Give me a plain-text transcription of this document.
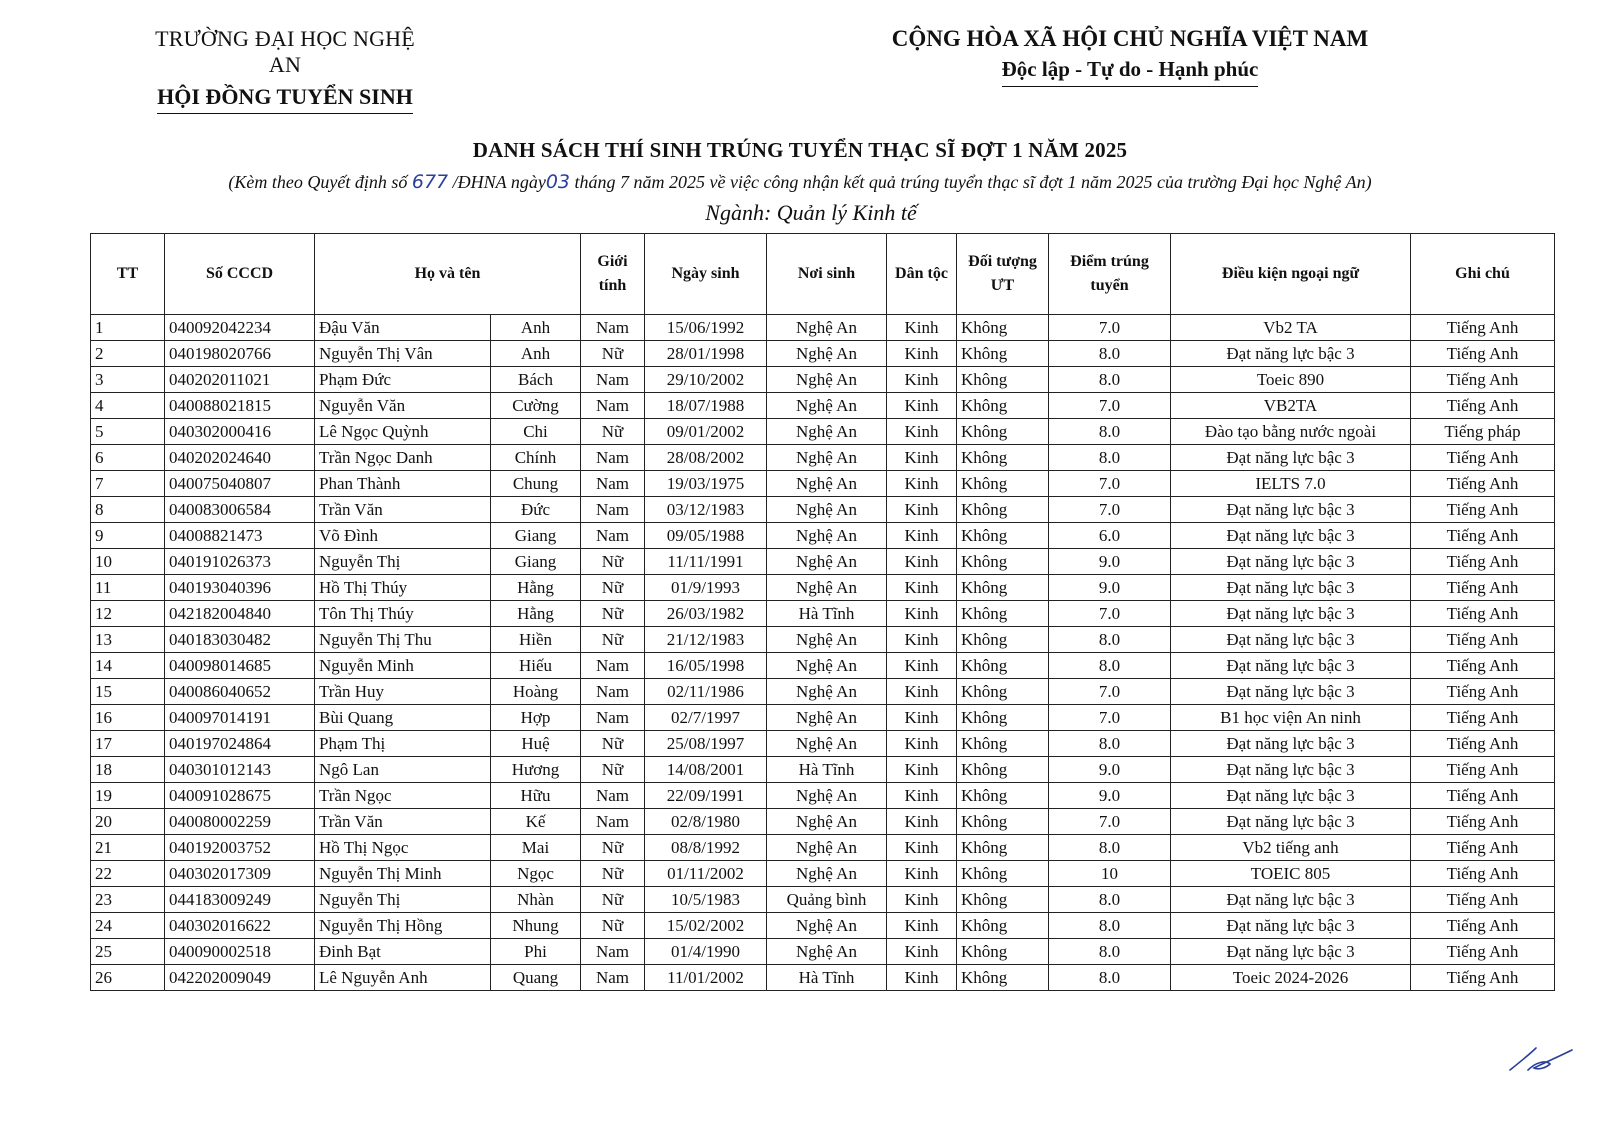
TRƯỜNG ĐẠI HỌC NGHỆ AN
HỘI ĐỒNG TUYỂN SINH
CỘNG HÒA XÃ HỘI CHỦ NGHĨA VIỆT NAM
Độc lập - Tự do - Hạnh phúc
DANH SÁCH THÍ SINH TRÚNG TUYỂN THẠC SĨ ĐỢT 1 NĂM 2025
(Kèm theo Quyết định số 677 /ĐHNA ngày03 tháng 7 năm 2025 về việc công nhận kết quả trúng tuyển thạc sĩ đợt 1 năm 2025 của trường Đại học Nghệ An)
Ngành: Quản lý Kinh tế
TT	Số CCCD	Họ và tên		Giới tính	Ngày sinh	Nơi sinh	Dân tộc	Đối tượng ƯT	Điểm trúng tuyển	Điều kiện ngoại ngữ	Ghi chú
1	040092042234	Đậu Văn	Anh	Nam	15/06/1992	Nghệ An	Kinh	Không	7.0	Vb2 TA	Tiếng Anh
2	040198020766	Nguyễn Thị Vân	Anh	Nữ	28/01/1998	Nghệ An	Kinh	Không	8.0	Đạt năng lực bậc 3	Tiếng Anh
3	040202011021	Phạm Đức	Bách	Nam	29/10/2002	Nghệ An	Kinh	Không	8.0	Toeic 890	Tiếng Anh
4	040088021815	Nguyễn Văn	Cường	Nam	18/07/1988	Nghệ An	Kinh	Không	7.0	VB2TA	Tiếng Anh
5	040302000416	Lê Ngọc Quỳnh	Chi	Nữ	09/01/2002	Nghệ An	Kinh	Không	8.0	Đào tạo bằng nước ngoài	Tiếng pháp
6	040202024640	Trần Ngọc Danh	Chính	Nam	28/08/2002	Nghệ An	Kinh	Không	8.0	Đạt năng lực bậc 3	Tiếng Anh
7	040075040807	Phan Thành	Chung	Nam	19/03/1975	Nghệ An	Kinh	Không	7.0	IELTS 7.0	Tiếng Anh
8	040083006584	Trần Văn	Đức	Nam	03/12/1983	Nghệ An	Kinh	Không	7.0	Đạt năng lực bậc 3	Tiếng Anh
9	04008821473	Võ Đình	Giang	Nam	09/05/1988	Nghệ An	Kinh	Không	6.0	Đạt năng lực bậc 3	Tiếng Anh
10	040191026373	Nguyễn Thị	Giang	Nữ	11/11/1991	Nghệ An	Kinh	Không	9.0	Đạt năng lực bậc 3	Tiếng Anh
11	040193040396	Hồ Thị Thúy	Hằng	Nữ	01/9/1993	Nghệ An	Kinh	Không	9.0	Đạt năng lực bậc 3	Tiếng Anh
12	042182004840	Tôn Thị Thúy	Hằng	Nữ	26/03/1982	Hà Tĩnh	Kinh	Không	7.0	Đạt năng lực bậc 3	Tiếng Anh
13	040183030482	Nguyễn Thị Thu	Hiền	Nữ	21/12/1983	Nghệ An	Kinh	Không	8.0	Đạt năng lực bậc 3	Tiếng Anh
14	040098014685	Nguyễn Minh	Hiếu	Nam	16/05/1998	Nghệ An	Kinh	Không	8.0	Đạt năng lực bậc 3	Tiếng Anh
15	040086040652	Trần Huy	Hoàng	Nam	02/11/1986	Nghệ An	Kinh	Không	7.0	Đạt năng lực bậc 3	Tiếng Anh
16	040097014191	Bùi Quang	Hợp	Nam	02/7/1997	Nghệ An	Kinh	Không	7.0	B1 học viện An ninh	Tiếng Anh
17	040197024864	Phạm Thị	Huệ	Nữ	25/08/1997	Nghệ An	Kinh	Không	8.0	Đạt năng lực bậc 3	Tiếng Anh
18	040301012143	Ngô Lan	Hương	Nữ	14/08/2001	Hà Tĩnh	Kinh	Không	9.0	Đạt năng lực bậc 3	Tiếng Anh
19	040091028675	Trần Ngọc	Hữu	Nam	22/09/1991	Nghệ An	Kinh	Không	9.0	Đạt năng lực bậc 3	Tiếng Anh
20	040080002259	Trần Văn	Kế	Nam	02/8/1980	Nghệ An	Kinh	Không	7.0	Đạt năng lực bậc 3	Tiếng Anh
21	040192003752	Hồ Thị Ngọc	Mai	Nữ	08/8/1992	Nghệ An	Kinh	Không	8.0	Vb2 tiếng anh	Tiếng Anh
22	040302017309	Nguyễn Thị Minh	Ngọc	Nữ	01/11/2002	Nghệ An	Kinh	Không	10	TOEIC 805	Tiếng Anh
23	044183009249	Nguyễn Thị	Nhàn	Nữ	10/5/1983	Quảng bình	Kinh	Không	8.0	Đạt năng lực bậc 3	Tiếng Anh
24	040302016622	Nguyễn Thị Hồng	Nhung	Nữ	15/02/2002	Nghệ An	Kinh	Không	8.0	Đạt năng lực bậc 3	Tiếng Anh
25	040090002518	Đinh Bạt	Phi	Nam	01/4/1990	Nghệ An	Kinh	Không	8.0	Đạt năng lực bậc 3	Tiếng Anh
26	042202009049	Lê Nguyễn Anh	Quang	Nam	11/01/2002	Hà Tĩnh	Kinh	Không	8.0	Toeic 2024-2026	Tiếng Anh
